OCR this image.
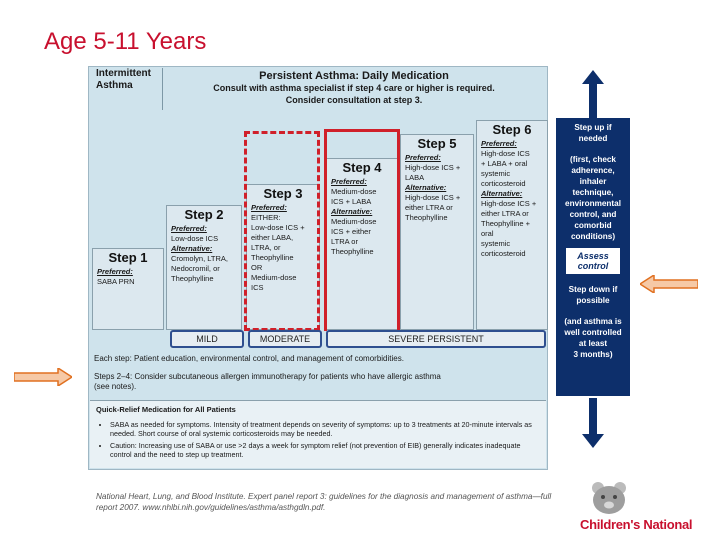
Age 5-11 Years
Intermittent
Asthma
Persistent Asthma: Daily Medication
Consult with asthma specialist if step 4 care or higher is required.
Consider consultation at step 3.
Step 1
Preferred:
SABA PRN
Step 2
Preferred:
Low-dose ICS
Alternative:
Cromolyn, LTRA,
Nedocromil, or
Theophylline
Step 3
Preferred:
EITHER:
Low-dose ICS +
either LABA,
LTRA, or
Theophylline
OR
Medium-dose
ICS
Step 4
Preferred:
Medium-dose
ICS + LABA
Alternative:
Medium-dose
ICS + either
LTRA or
Theophylline
Step 5
Preferred:
High-dose ICS +
LABA
Alternative:
High-dose ICS +
either LTRA or
Theophylline
Step 6
Preferred:
High-dose ICS
+ LABA + oral
systemic
corticosteroid
Alternative:
High-dose ICS +
either LTRA or
Theophylline + oral
systemic
corticosteroid
MILD	MODERATE	SEVERE PERSISTENT
Each step: Patient education, environmental control, and management of comorbidities.
Steps 2–4: Consider subcutaneous allergen immunotherapy for patients who have allergic asthma
(see notes).
Quick-Relief Medication for All Patients
• SABA as needed for symptoms. Intensity of treatment depends on severity of symptoms: up to 3 treatments at 20-minute intervals as needed. Short course of oral systemic corticosteroids may be needed.
• Caution: Increasing use of SABA or use >2 days a week for symptom relief (not prevention of EIB) generally indicates inadequate control and the need to step up treatment.
Step up if
needed
(first, check
adherence,
inhaler
technique,
environmental
control, and
comorbid
conditions)
Assess
control
Step down if
possible
(and asthma is
well controlled
at least
3 months)
National Heart, Lung, and Blood Institute. Expert panel report 3: guidelines for the diagnosis and management of asthma—full report 2007. www.nhlbi.nih.gov/guidelines/asthma/asthgdln.pdf.
Children's National
